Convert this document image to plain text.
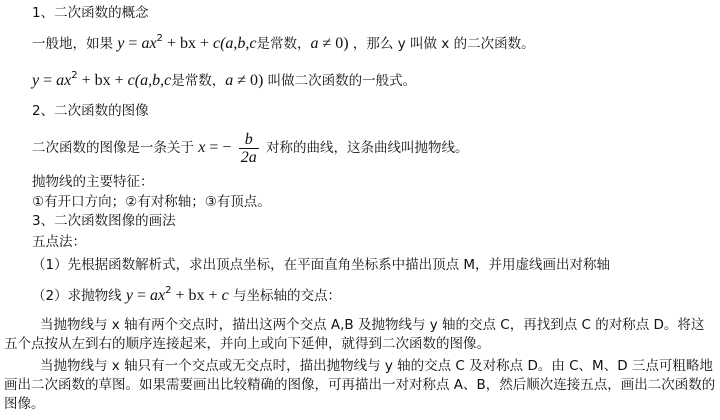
1、二次函数的概念
一般地，如果 $y = ax^2$ + bx + c(a,b,c是常数，a ≠ 0) ，那么 y 叫做 x 的二次函数。
$y = ax^2$ + bx + c(a,b,c是常数，a ≠ 0) 叫做二次函数的一般式。
2、二次函数的图像
二次函数的图像是一条关于 x = − $\frac{b}{2a}$ 对称的曲线，这条曲线叫抛物线。
抛物线的主要特征：
①有开口方向；②有对称轴；③有顶点。
3、二次函数图像的画法
五点法：
（1）先根据函数解析式，求出顶点坐标，在平面直角坐标系中描出顶点 M，并用虚线画出对称轴
（2）求抛物线 $y = ax^2$ + bx + c 与坐标轴的交点：
当抛物线与 x 轴有两个交点时，描出这两个交点 A,B 及抛物线与 y 轴的交点 C，再找到点 C 的对称点 D。将这五个点按从左到右的顺序连接起来，并向上或向下延伸，就得到二次函数的图像。
当抛物线与 x 轴只有一个交点或无交点时，描出抛物线与 y 轴的交点 C 及对称点 D。由 C、M、D 三点可粗略地画出二次函数的草图。如果需要画出比较精确的图像，可再描出一对对称点 A、B，然后顺次连接五点，画出二次函数的图像。
